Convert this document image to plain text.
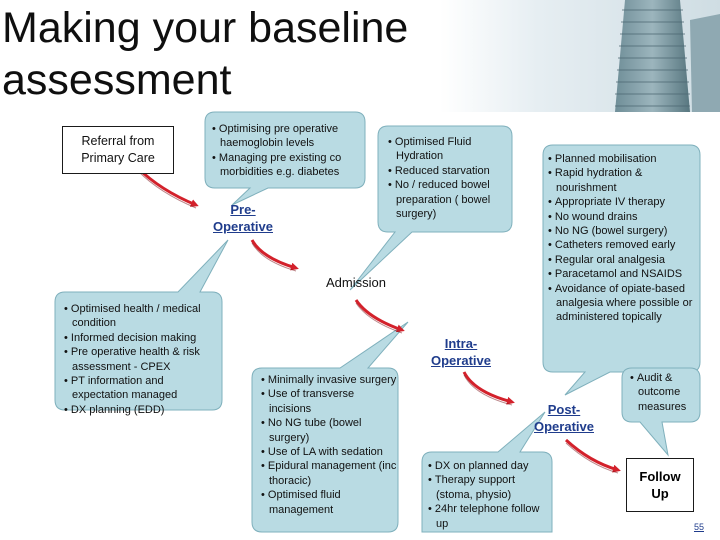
Making your baseline
assessment
Referral from
Primary Care
Pre-
Operative
Admission
Intra-
Operative
Post-
Operative
Follow
Up
• Optimising pre operative haemoglobin levels
• Managing pre existing co morbidities e.g. diabetes
• Optimised Fluid Hydration
• Reduced starvation
• No / reduced bowel preparation ( bowel surgery)
• Planned mobilisation
• Rapid hydration & nourishment
• Appropriate IV therapy
• No wound drains
• No NG (bowel surgery)
• Catheters removed early
• Regular oral analgesia
• Paracetamol and NSAIDS
• Avoidance of opiate-based analgesia where possible or administered topically
• Optimised health / medical condition
• Informed decision making
• Pre operative health & risk assessment - CPEX
• PT information and expectation managed
• DX planning (EDD)
• Minimally invasive surgery
• Use of transverse incisions
• No NG tube (bowel surgery)
• Use of LA with sedation
• Epidural management (inc thoracic)
• Optimised fluid management
• DX on planned day
• Therapy support (stoma, physio)
• 24hr telephone follow up
• Audit & outcome measures
55
